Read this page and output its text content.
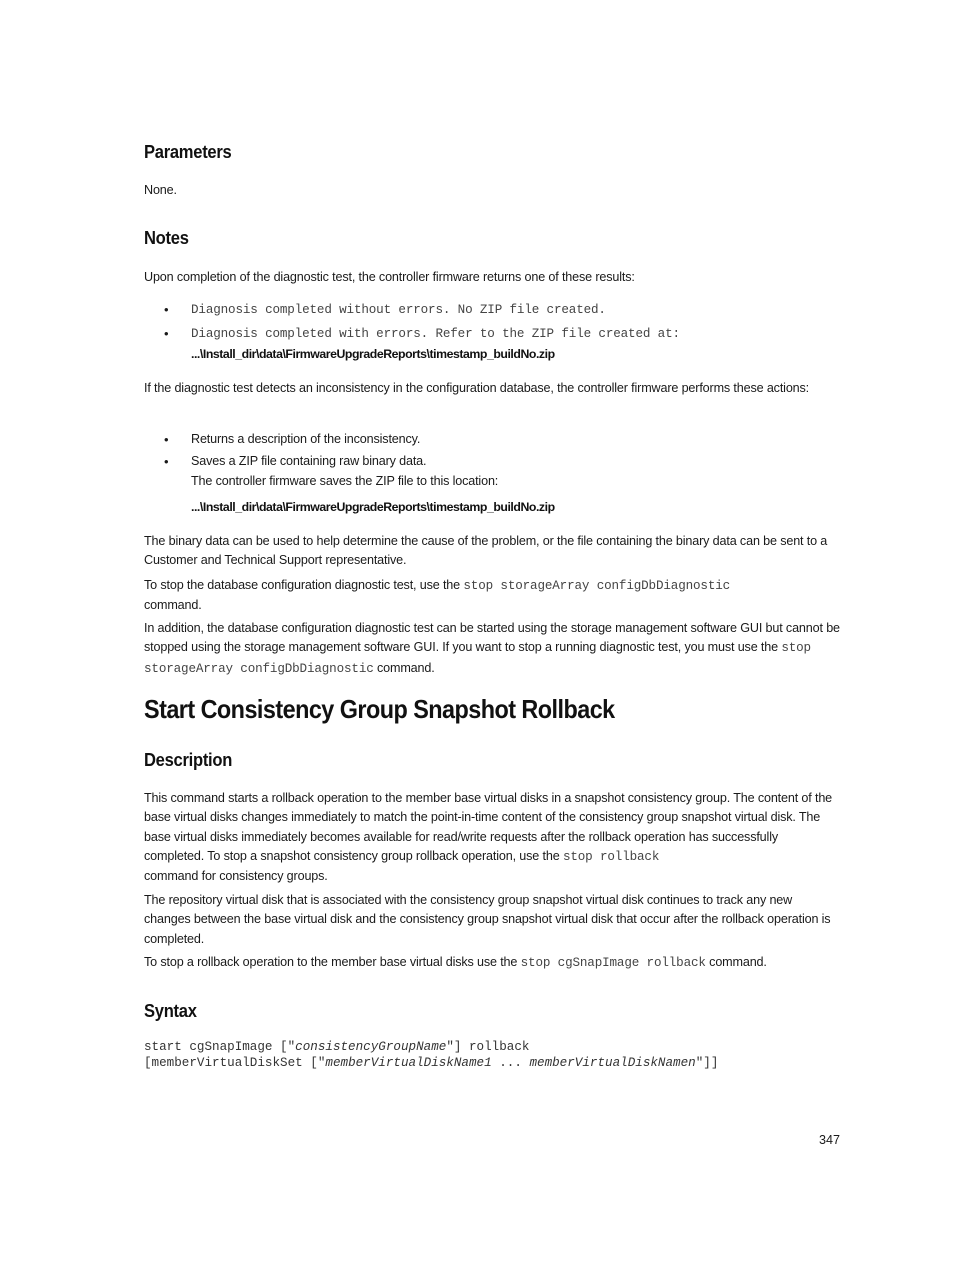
Parameters
None.
Notes
Upon completion of the diagnostic test, the controller firmware returns one of these results:
• Diagnosis completed without errors. No ZIP file created.
• Diagnosis completed with errors. Refer to the ZIP file created at:
...\Install_dir\data\FirmwareUpgradeReports\timestamp_buildNo.zip
If the diagnostic test detects an inconsistency in the configuration database, the controller firmware performs these actions:
• Returns a description of the inconsistency.
• Saves a ZIP file containing raw binary data.
The controller firmware saves the ZIP file to this location:
...\Install_dir\data\FirmwareUpgradeReports\timestamp_buildNo.zip
The binary data can be used to help determine the cause of the problem, or the file containing the binary data can be sent to a Customer and Technical Support representative.
To stop the database configuration diagnostic test, use the stop storageArray configDbDiagnostic
command.
In addition, the database configuration diagnostic test can be started using the storage management software GUI but cannot be stopped using the storage management software GUI. If you want to stop a running diagnostic test, you must use the stop storageArray configDbDiagnostic command.
Start Consistency Group Snapshot Rollback
Description
This command starts a rollback operation to the member base virtual disks in a snapshot consistency group. The content of the base virtual disks changes immediately to match the point-in-time content of the consistency group snapshot virtual disk. The base virtual disks immediately becomes available for read/write requests after the rollback operation has successfully completed. To stop a snapshot consistency group rollback operation, use the stop rollback
command for consistency groups.
The repository virtual disk that is associated with the consistency group snapshot virtual disk continues to track any new changes between the base virtual disk and the consistency group snapshot virtual disk that occur after the rollback operation is completed.
To stop a rollback operation to the member base virtual disks use the stop cgSnapImage rollback command.
Syntax
start cgSnapImage ["consistencyGroupName"] rollback
[memberVirtualDiskSet ["memberVirtualDiskName1 ... memberVirtualDiskNamen"]]
347
